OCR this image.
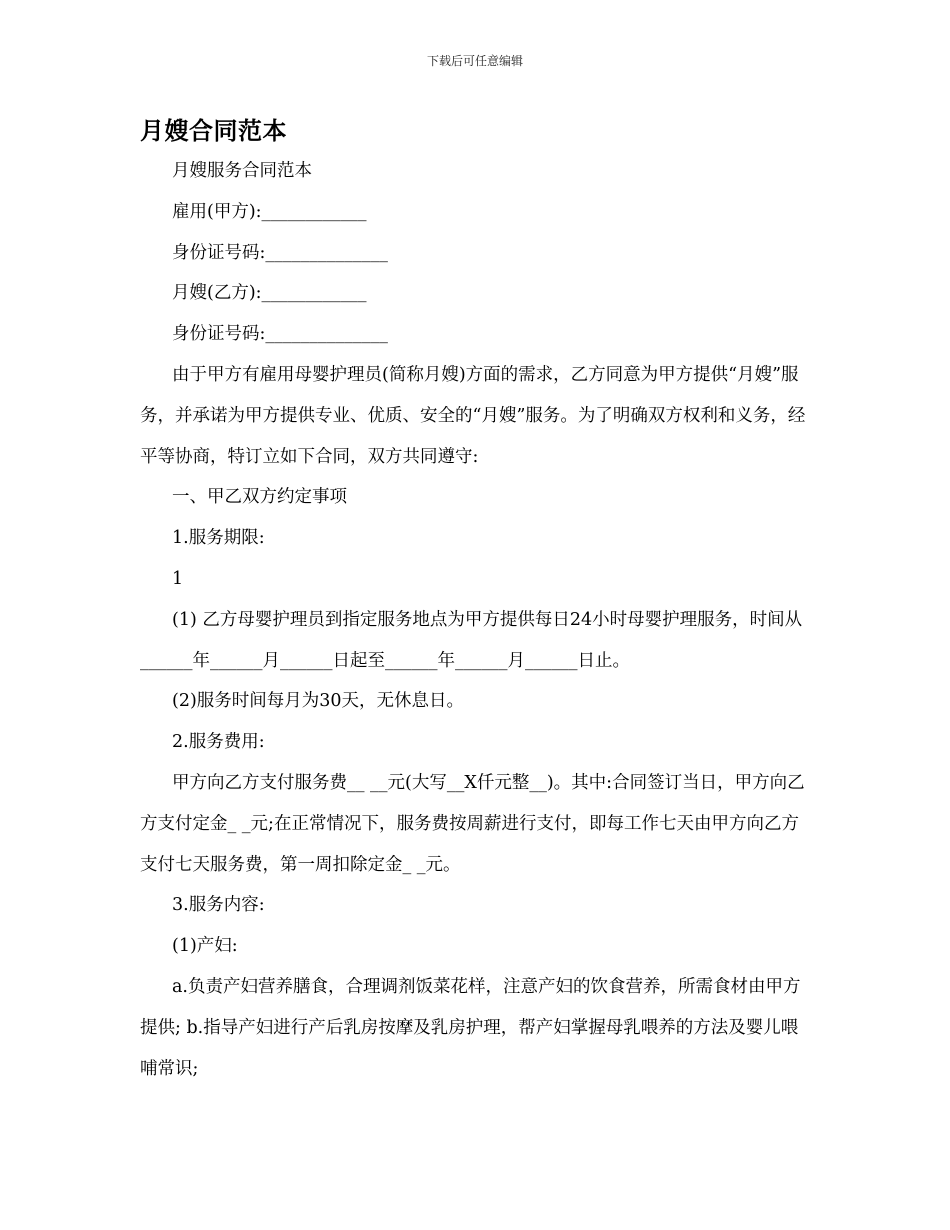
下载后可任意编辑
月嫂合同范本

月嫂服务合同范本

雇用(甲方):____________

身份证号码:______________

月嫂(乙方):____________

身份证号码:______________

由于甲方有雇用母婴护理员(简称月嫂)方面的需求，乙方同意为甲方提供“月嫂”服务，并承诺为甲方提供专业、优质、安全的“月嫂”服务。为了明确双方权利和义务，经平等协商，特订立如下合同，双方共同遵守:

一、甲乙双方约定事项

1.服务期限:

1

(1) 乙方母婴护理员到指定服务地点为甲方提供每日24小时母婴护理服务，时间从______年______月______日起至______年______月______日止。

(2)服务时间每月为30天，无休息日。

2.服务费用:

甲方向乙方支付服务费__ __元(大写__X仟元整__)。其中:合同签订当日，甲方向乙方支付定金_ _元;在正常情况下，服务费按周薪进行支付，即每工作七天由甲方向乙方支付七天服务费，第一周扣除定金_ _元。

3.服务内容:

(1)产妇:

a.负责产妇营养膳食，合理调剂饭菜花样，注意产妇的饮食营养，所需食材由甲方提供; b.指导产妇进行产后乳房按摩及乳房护理，帮产妇掌握母乳喂养的方法及婴儿喂哺常识;
